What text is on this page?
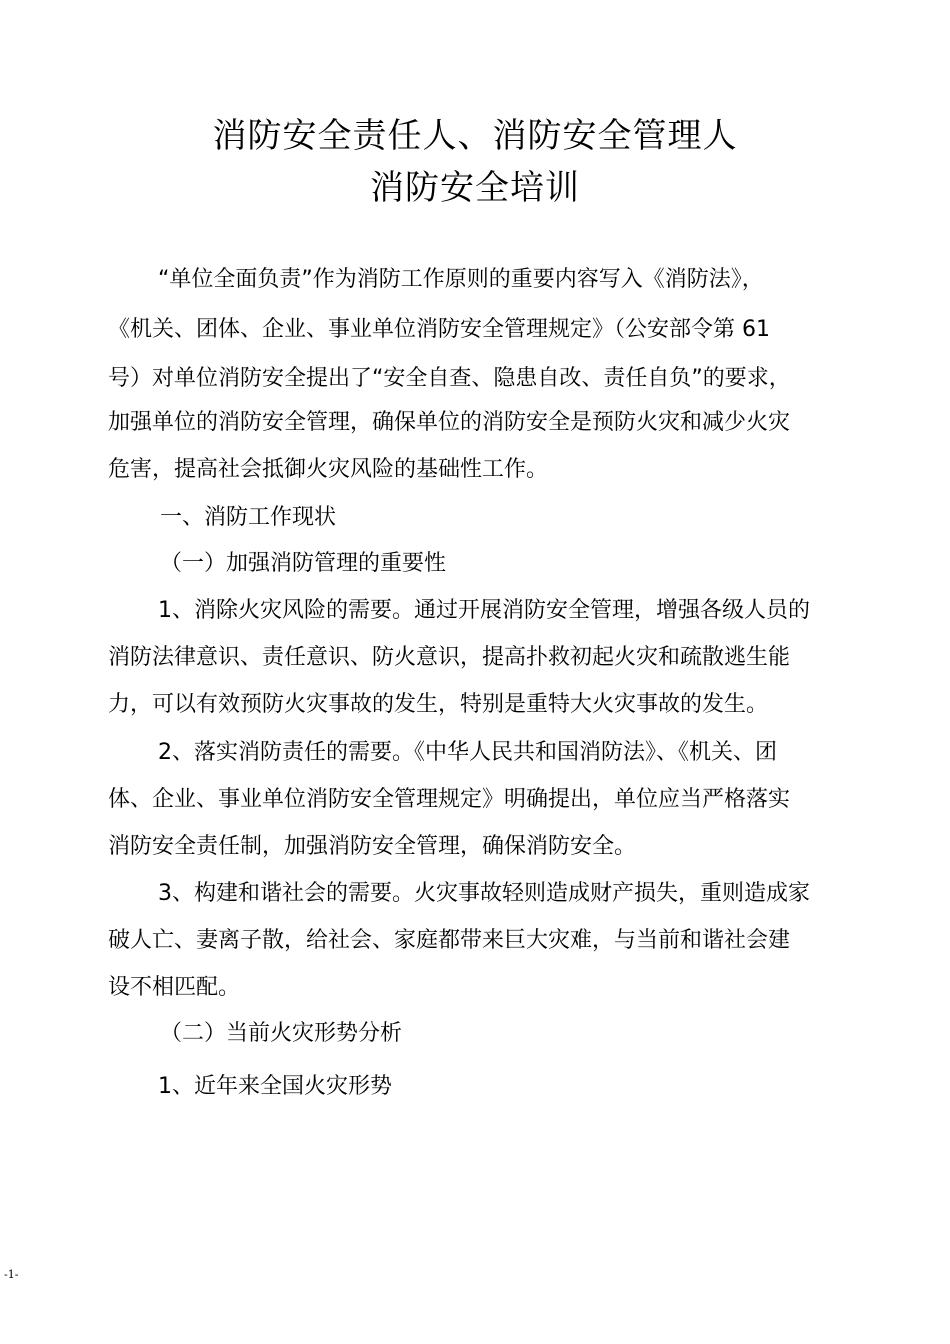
消防安全责任人、消防安全管理人
消防安全培训

“单位全面负责”作为消防工作原则的重要内容写入《消防法》，

《机关、团体、企业、事业单位消防安全管理规定》（公安部令第 61

号）对单位消防安全提出了“安全自查、隐患自改、责任自负”的要求，

加强单位的消防安全管理，确保单位的消防安全是预防火灾和减少火灾

危害，提高社会抵御火灾风险的基础性工作。

一、消防工作现状

（一）加强消防管理的重要性

1、消除火灾风险的需要。通过开展消防安全管理，增强各级人员的

消防法律意识、责任意识、防火意识，提高扑救初起火灾和疏散逃生能

力，可以有效预防火灾事故的发生，特别是重特大火灾事故的发生。

2、落实消防责任的需要。《中华人民共和国消防法》、《机关、团

体、企业、事业单位消防安全管理规定》明确提出，单位应当严格落实

消防安全责任制，加强消防安全管理，确保消防安全。

3、构建和谐社会的需要。火灾事故轻则造成财产损失，重则造成家

破人亡、妻离子散，给社会、家庭都带来巨大灾难，与当前和谐社会建

设不相匹配。

（二）当前火灾形势分析

1、近年来全国火灾形势

-1-
